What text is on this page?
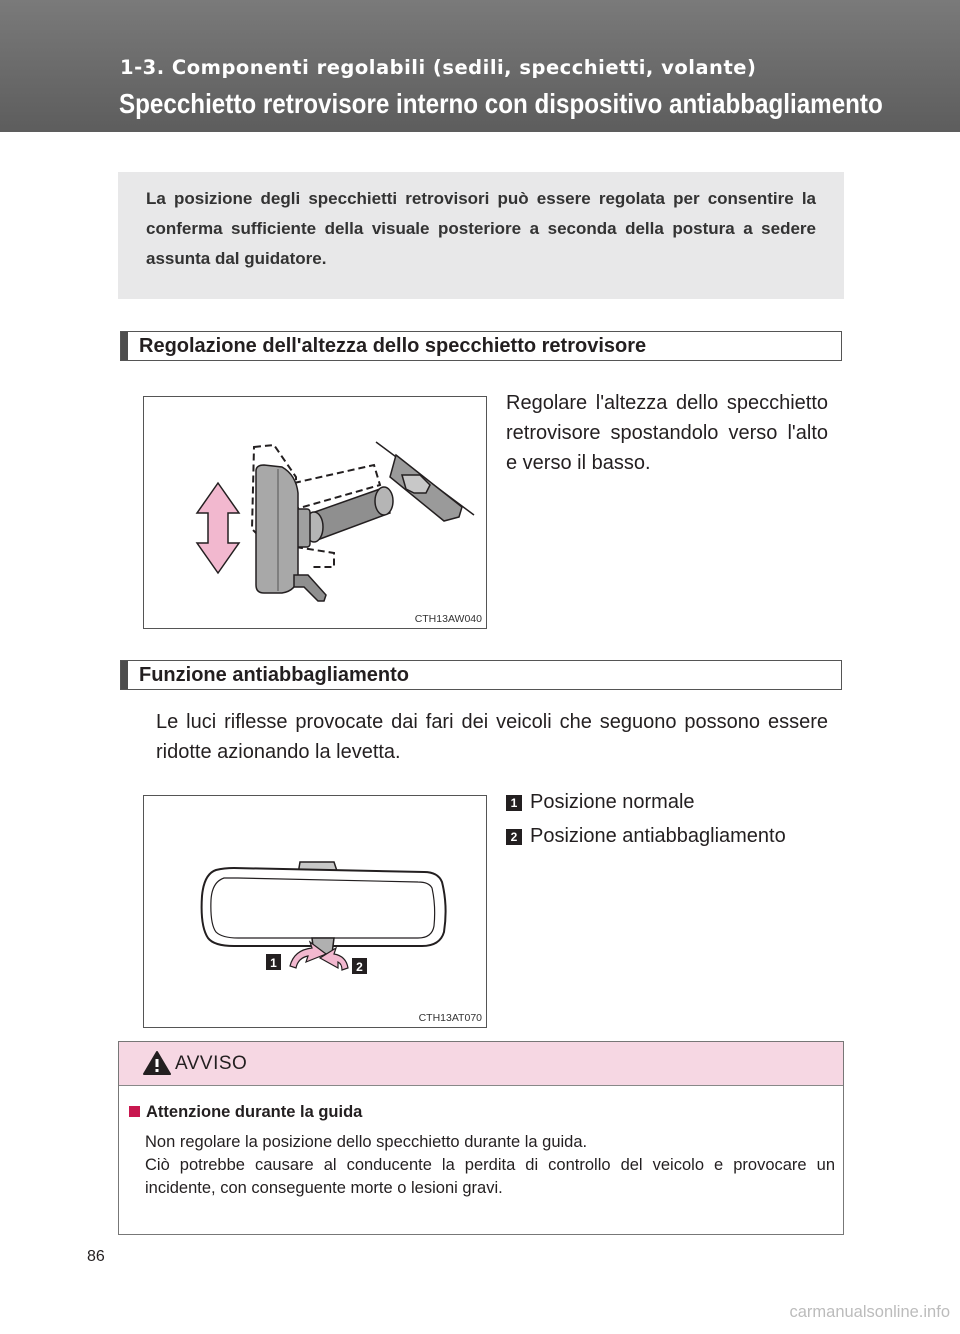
1-3. Componenti regolabili (sedili, specchietti, volante)
Specchietto retrovisore interno con dispositivo antiabbagliamento

La posizione degli specchietti retrovisori può essere regolata per consentire la conferma sufficiente della visuale posteriore a seconda della postura a sedere assunta dal guidatore.

Regolazione dell'altezza dello specchietto retrovisore
CTH13AW040

Regolare l'altezza dello specchietto retrovisore spostandolo verso l'alto e verso il basso.

Funzione antiabbagliamento

Le luci riflesse provocate dai fari dei veicoli che seguono possono essere ridotte azionando la levetta.

1 Posizione normale
2 Posizione antiabbagliamento
1	2
CTH13AT070
AVVISO
Attenzione durante la guida

Non regolare la posizione dello specchietto durante la guida.

Ciò potrebbe causare al conducente la perdita di controllo del veicolo e provocare un incidente, con conseguente morte o lesioni gravi.

86
carmanualsonline.info
